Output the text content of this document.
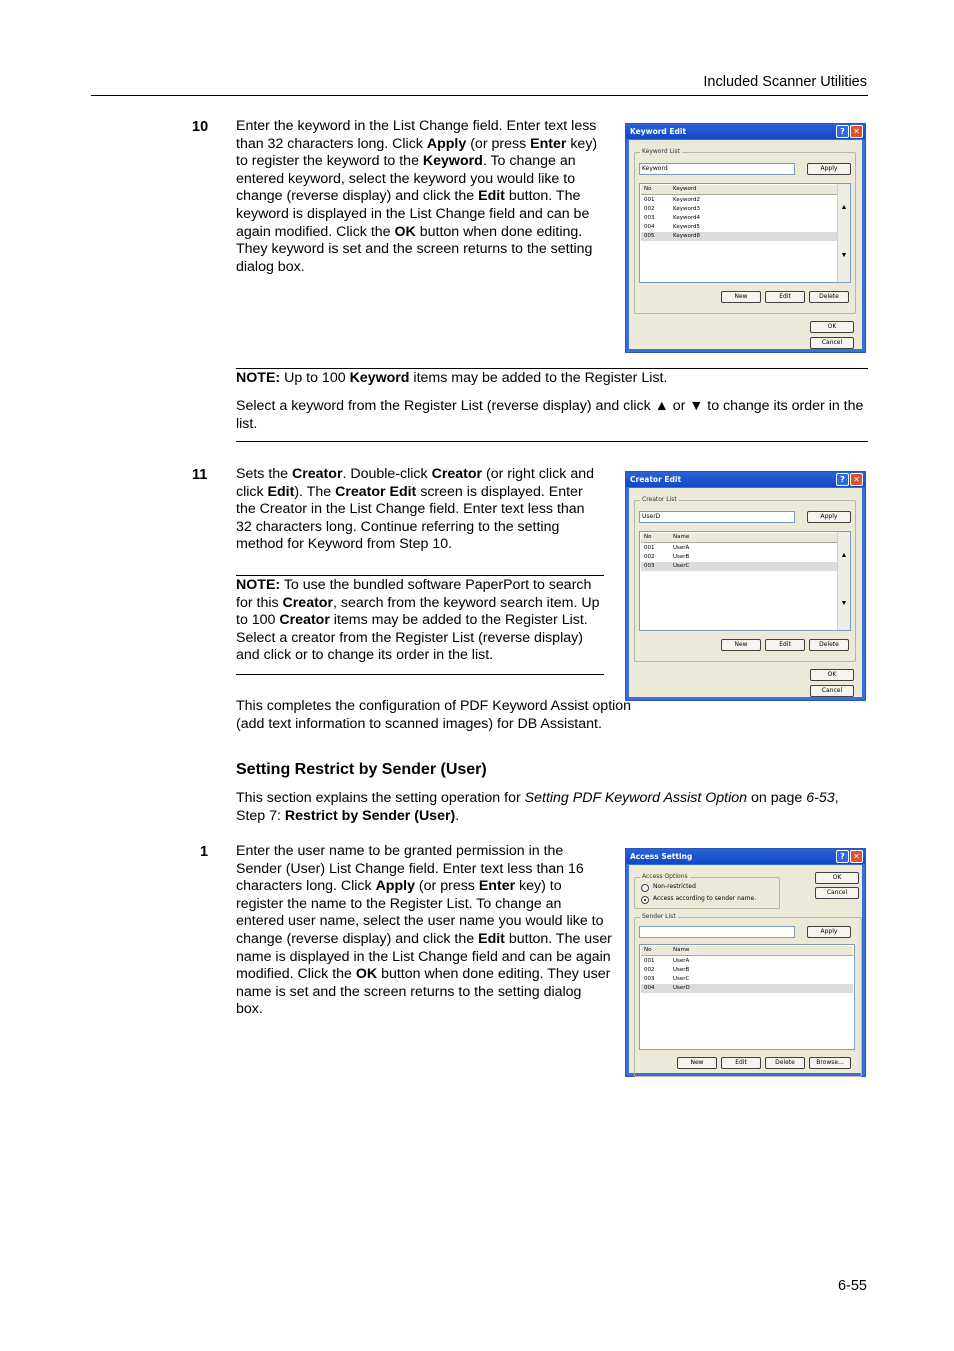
Included Scanner Utilities
10 Enter the keyword in the List Change field. Enter text less than 32 characters long. Click Apply (or press Enter key) to register the keyword to the Keyword. To change an entered keyword, select the keyword you would like to change (reverse display) and click the Edit button. The keyword is displayed in the List Change field and can be again modified. Click the OK button when done editing. They keyword is set and the screen returns to the setting dialog box.
Keyword Edit	?	✕
Keyword List
Keyword	Apply
No	Keyword
001	Keyword2
002	Keyword3
003	Keyword4
004	Keyword5
005	Keyword8
▲
▼
New	Edit	Delete
OK
Cancel
NOTE: Up to 100 Keyword items may be added to the Register List.
Select a keyword from the Register List (reverse display) and click ▲ or ▼ to change its order in the list.
11 Sets the Creator. Double-click Creator (or right click and click Edit). The Creator Edit screen is displayed. Enter the Creator in the List Change field. Enter text less than 32 characters long. Continue referring to the setting method for Keyword from Step 10.
NOTE: To use the bundled software PaperPort to search for this Creator, search from the keyword search item. Up to 100 Creator items may be added to the Register List. Select a creator from the Register List (reverse display) and click or to change its order in the list.
Creator Edit	?	✕
Creator List
UserD	Apply
No	Name
001	UserA
002	UserB
003	UserC
▲
▼
New	Edit	Delete
OK
Cancel
This completes the configuration of PDF Keyword Assist option (add text information to scanned images) for DB Assistant.
Setting Restrict by Sender (User)
This section explains the setting operation for Setting PDF Keyword Assist Option on page 6-53, Step 7: Restrict by Sender (User).
1 Enter the user name to be granted permission in the Sender (User) List Change field. Enter text less than 16 characters long. Click Apply (or press Enter key) to register the name to the Register List. To change an entered user name, select the user name you would like to change (reverse display) and click the Edit button. The user name is displayed in the List Change field and can be again modified. Click the OK button when done editing. They user name is set and the screen returns to the setting dialog box.
Access Setting	?	✕
Access Options
Non-restricted
Access according to sender name.
OK
Cancel
Sender List
Apply
No	Name
001	UserA
002	UserB
003	UserC
004	UserD
New	Edit	Delete	Browse...
6-55
